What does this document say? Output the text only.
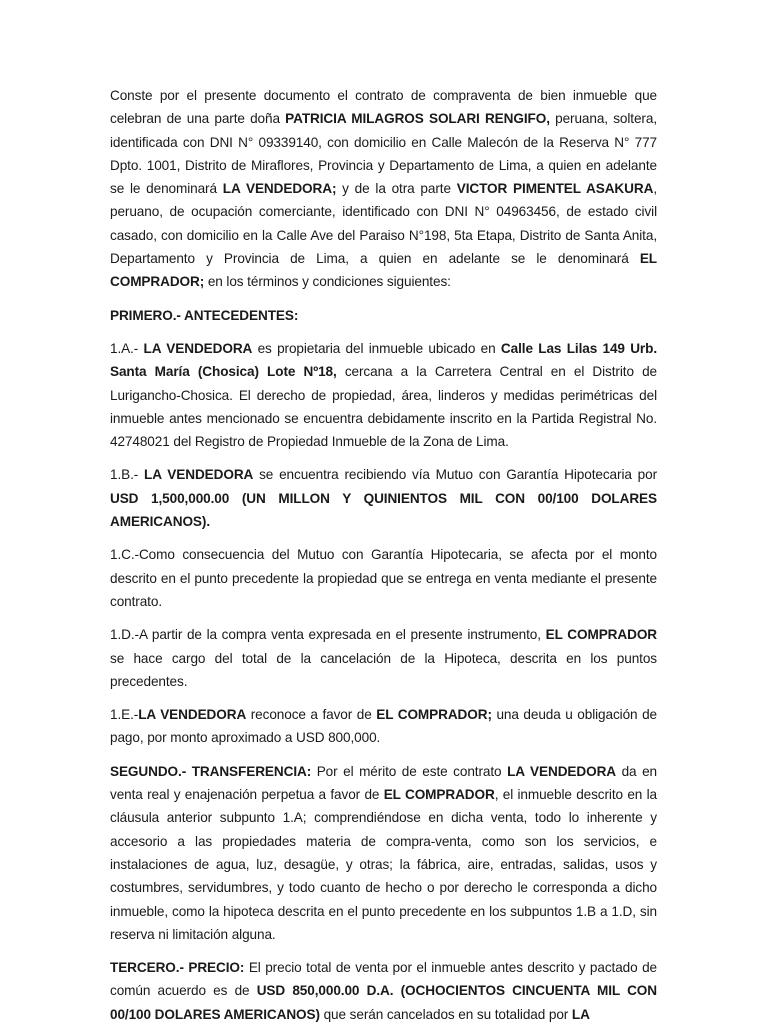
Conste por el presente documento el contrato de compraventa de bien inmueble que celebran de una parte doña PATRICIA MILAGROS SOLARI RENGIFO, peruana, soltera, identificada con DNI N° 09339140, con domicilio en Calle Malecón de la Reserva N° 777 Dpto. 1001, Distrito de Miraflores, Provincia y Departamento de Lima, a quien en adelante se le denominará LA VENDEDORA; y de la otra parte VICTOR PIMENTEL ASAKURA, peruano, de ocupación comerciante, identificado con DNI N° 04963456, de estado civil casado, con domicilio en la Calle Ave del Paraiso N°198, 5ta Etapa, Distrito de Santa Anita, Departamento y Provincia de Lima, a quien en adelante se le denominará EL COMPRADOR; en los términos y condiciones siguientes:

PRIMERO.- ANTECEDENTES:

1.A.- LA VENDEDORA es propietaria del inmueble ubicado en Calle Las Lilas 149 Urb. Santa María (Chosica) Lote Nº18, cercana a la Carretera Central en el Distrito de Lurigancho-Chosica. El derecho de propiedad, área, linderos y medidas perimétricas del inmueble antes mencionado se encuentra debidamente inscrito en la Partida Registral No. 42748021 del Registro de Propiedad Inmueble de la Zona de Lima.

1.B.- LA VENDEDORA se encuentra recibiendo vía Mutuo con Garantía Hipotecaria por USD 1,500,000.00 (UN MILLON Y QUINIENTOS MIL CON 00/100 DOLARES AMERICANOS).

1.C.-Como consecuencia del Mutuo con Garantía Hipotecaria, se afecta por el monto descrito en el punto precedente la propiedad que se entrega en venta mediante el presente contrato.

1.D.-A partir de la compra venta expresada en el presente instrumento, EL COMPRADOR se hace cargo del total de la cancelación de la Hipoteca, descrita en los puntos precedentes.

1.E.-LA VENDEDORA reconoce a favor de EL COMPRADOR; una deuda u obligación de pago, por monto aproximado a USD 800,000.

SEGUNDO.- TRANSFERENCIA: Por el mérito de este contrato LA VENDEDORA da en venta real y enajenación perpetua a favor de EL COMPRADOR, el inmueble descrito en la cláusula anterior subpunto 1.A; comprendiéndose en dicha venta, todo lo inherente y accesorio a las propiedades materia de compra-venta, como son los servicios, e instalaciones de agua, luz, desagüe, y otras; la fábrica, aire, entradas, salidas, usos y costumbres, servidumbres, y todo cuanto de hecho o por derecho le corresponda a dicho inmueble, como la hipoteca descrita en el punto precedente en los subpuntos 1.B a 1.D, sin reserva ni limitación alguna.

TERCERO.- PRECIO: El precio total de venta por el inmueble antes descrito y pactado de común acuerdo es de USD 850,000.00 D.A. (OCHOCIENTOS CINCUENTA MIL CON 00/100 DOLARES AMERICANOS) que serán cancelados en su totalidad por LA
